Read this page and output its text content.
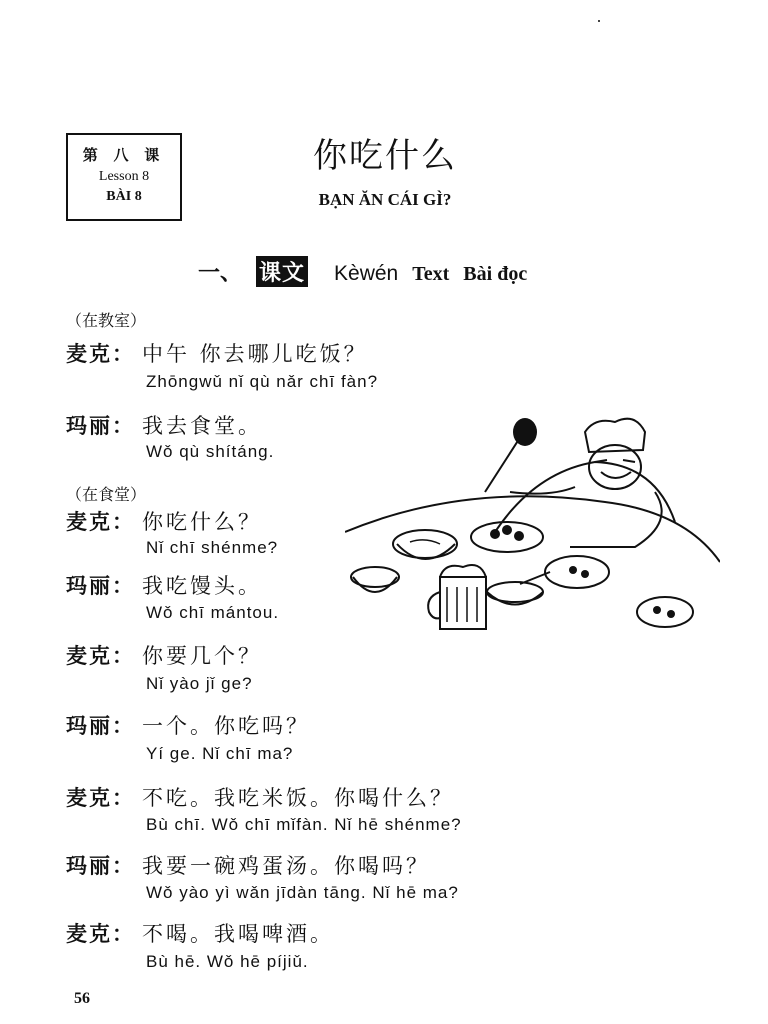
第 八 课
Lesson 8
BÀI 8
你吃什么
BẠN ĂN CÁI GÌ?
一、 课文 Kèwén Text Bài đọc
（在教室）
麦克： 中午 你去哪儿吃饭？
Zhōngwǔ nǐ qù nǎr chī fàn?
玛丽： 我去食堂。
Wǒ qù shítáng.
（在食堂）
麦克： 你吃什么？
Nǐ chī shénme?
玛丽： 我吃馒头。
Wǒ chī mántou.
麦克： 你要几个？
Nǐ yào jǐ ge?
玛丽： 一个。你吃吗？
Yí ge. Nǐ chī ma?
麦克： 不吃。我吃米饭。你喝什么？
Bù chī. Wǒ chī mǐfàn. Nǐ hē shénme?
玛丽： 我要一碗鸡蛋汤。你喝吗？
Wǒ yào yì wǎn jīdàn tāng. Nǐ hē ma?
麦克： 不喝。我喝啤酒。
Bù hē. Wǒ hē píjiǔ.
56
